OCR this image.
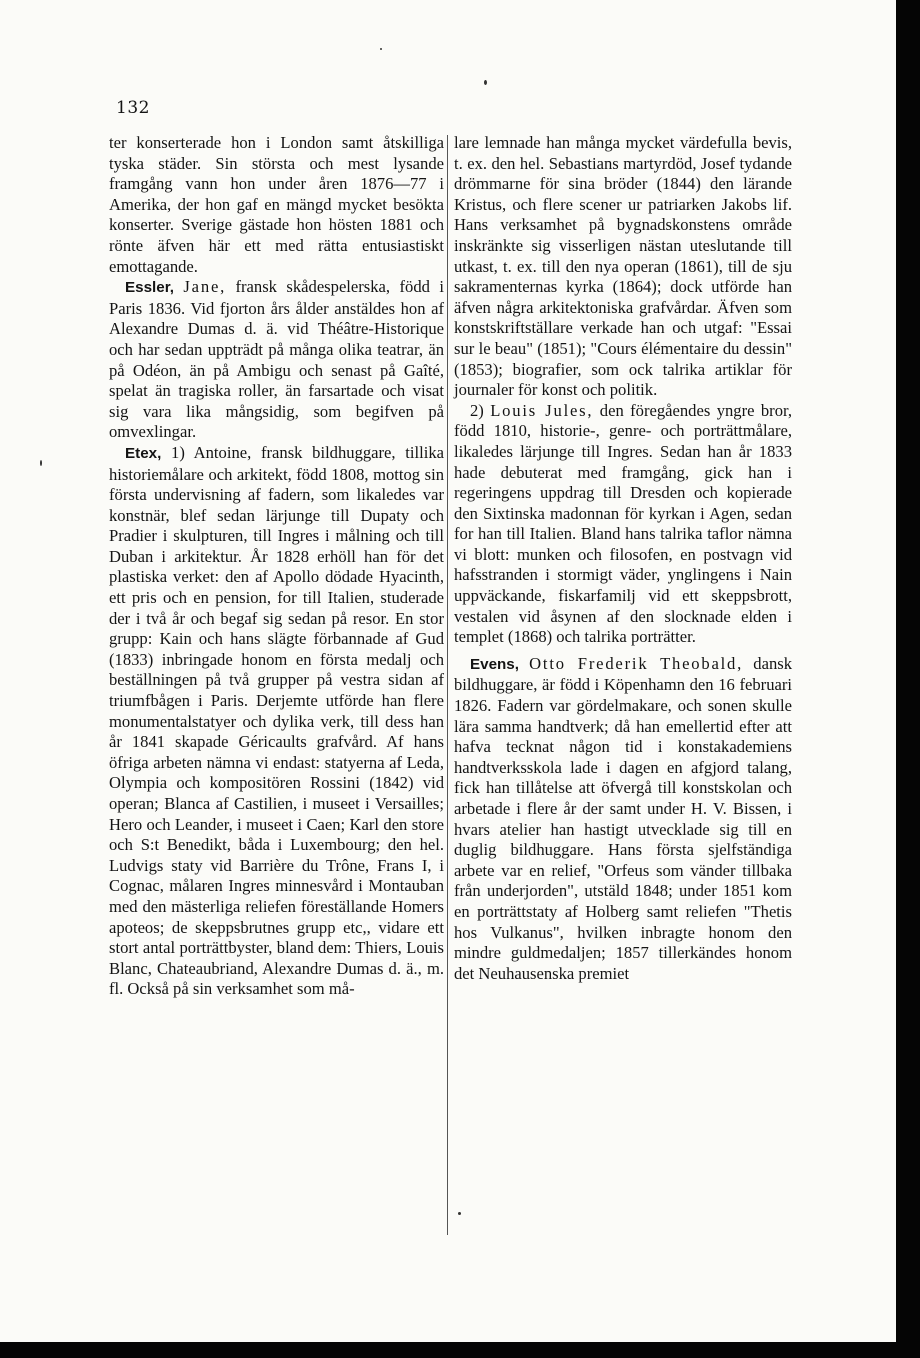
132

ter konserterade hon i London samt åtskilliga tyska städer. Sin största och mest lysande framgång vann hon under åren 1876—77 i Amerika, der hon gaf en mängd mycket besökta konserter. Sverige gästade hon hösten 1881 och rönte äfven här ett med rätta entusiastiskt emottagande.

Essler, Jane, fransk skådespelerska, född i Paris 1836. Vid fjorton års ålder anstäldes hon af Alexandre Dumas d. ä. vid Théâtre-Historique och har sedan uppträdt på många olika teatrar, än på Odéon, än på Ambigu och senast på Gaîté, spelat än tragiska roller, än farsartade och visat sig vara lika mångsidig, som begifven på omvexlingar.

Etex, 1) Antoine, fransk bildhuggare, tillika historiemålare och arkitekt, född 1808, mottog sin första undervisning af fadern, som likaledes var konstnär, blef sedan lärjunge till Dupaty och Pradier i skulpturen, till Ingres i målning och till Duban i arkitektur. År 1828 erhöll han för det plastiska verket: den af Apollo dödade Hyacinth, ett pris och en pension, for till Italien, studerade der i två år och begaf sig sedan på resor. En stor grupp: Kain och hans slägte förbannade af Gud (1833) inbringade honom en första medalj och beställningen på två grupper på vestra sidan af triumfbågen i Paris. Derjemte utförde han flere monumentalstatyer och dylika verk, till dess han år 1841 skapade Géricaults grafvård. Af hans öfriga arbeten nämna vi endast: statyerna af Leda, Olympia och kompositören Rossini (1842) vid operan; Blanca af Castilien, i museet i Versailles; Hero och Leander, i museet i Caen; Karl den store och S:t Benedikt, båda i Luxembourg; den hel. Ludvigs staty vid Barrière du Trône, Frans I, i Cognac, målaren Ingres minnesvård i Montauban med den mästerliga reliefen föreställande Homers apoteos; de skeppsbrutnes grupp etc,, vidare ett stort antal porträttbyster, bland dem: Thiers, Louis Blanc, Chateaubriand, Alexandre Dumas d. ä., m. fl. Också på sin verksamhet som må-

lare lemnade han många mycket värdefulla bevis, t. ex. den hel. Sebastians martyrdöd, Josef tydande drömmarne för sina bröder (1844) den lärande Kristus, och flere scener ur patriarken Jakobs lif. Hans verksamhet på bygnadskonstens område inskränkte sig visserligen nästan uteslutande till utkast, t. ex. till den nya operan (1861), till de sju sakramenternas kyrka (1864); dock utförde han äfven några arkitektoniska grafvårdar. Äfven som konstskriftställare verkade han och utgaf: "Essai sur le beau" (1851); "Cours élémentaire du dessin" (1853); biografier, som ock talrika artiklar för journaler för konst och politik.

2) Louis Jules, den föregåendes yngre bror, född 1810, historie-, genre- och porträttmålare, likaledes lärjunge till Ingres. Sedan han år 1833 hade debuterat med framgång, gick han i regeringens uppdrag till Dresden och kopierade den Sixtinska madonnan för kyrkan i Agen, sedan for han till Italien. Bland hans talrika taflor nämna vi blott: munken och filosofen, en postvagn vid hafsstranden i stormigt väder, ynglingens i Nain uppväckande, fiskarfamilj vid ett skeppsbrott, vestalen vid åsynen af den slocknade elden i templet (1868) och talrika porträtter.

Evens, Otto Frederik Theobald, dansk bildhuggare, är född i Köpenhamn den 16 februari 1826. Fadern var gördelmakare, och sonen skulle lära samma handtverk; då han emellertid efter att hafva tecknat någon tid i konstakademiens handtverksskola lade i dagen en afgjord talang, fick han tillåtelse att öfvergå till konstskolan och arbetade i flere år der samt under H. V. Bissen, i hvars atelier han hastigt utvecklade sig till en duglig bildhuggare. Hans första sjelfständiga arbete var en relief, "Orfeus som vänder tillbaka från underjorden", utstäld 1848; under 1851 kom en porträttstaty af Holberg samt reliefen "Thetis hos Vulkanus", hvilken inbragte honom den mindre guldmedaljen; 1857 tillerkändes honom det Neuhausenska premiet
